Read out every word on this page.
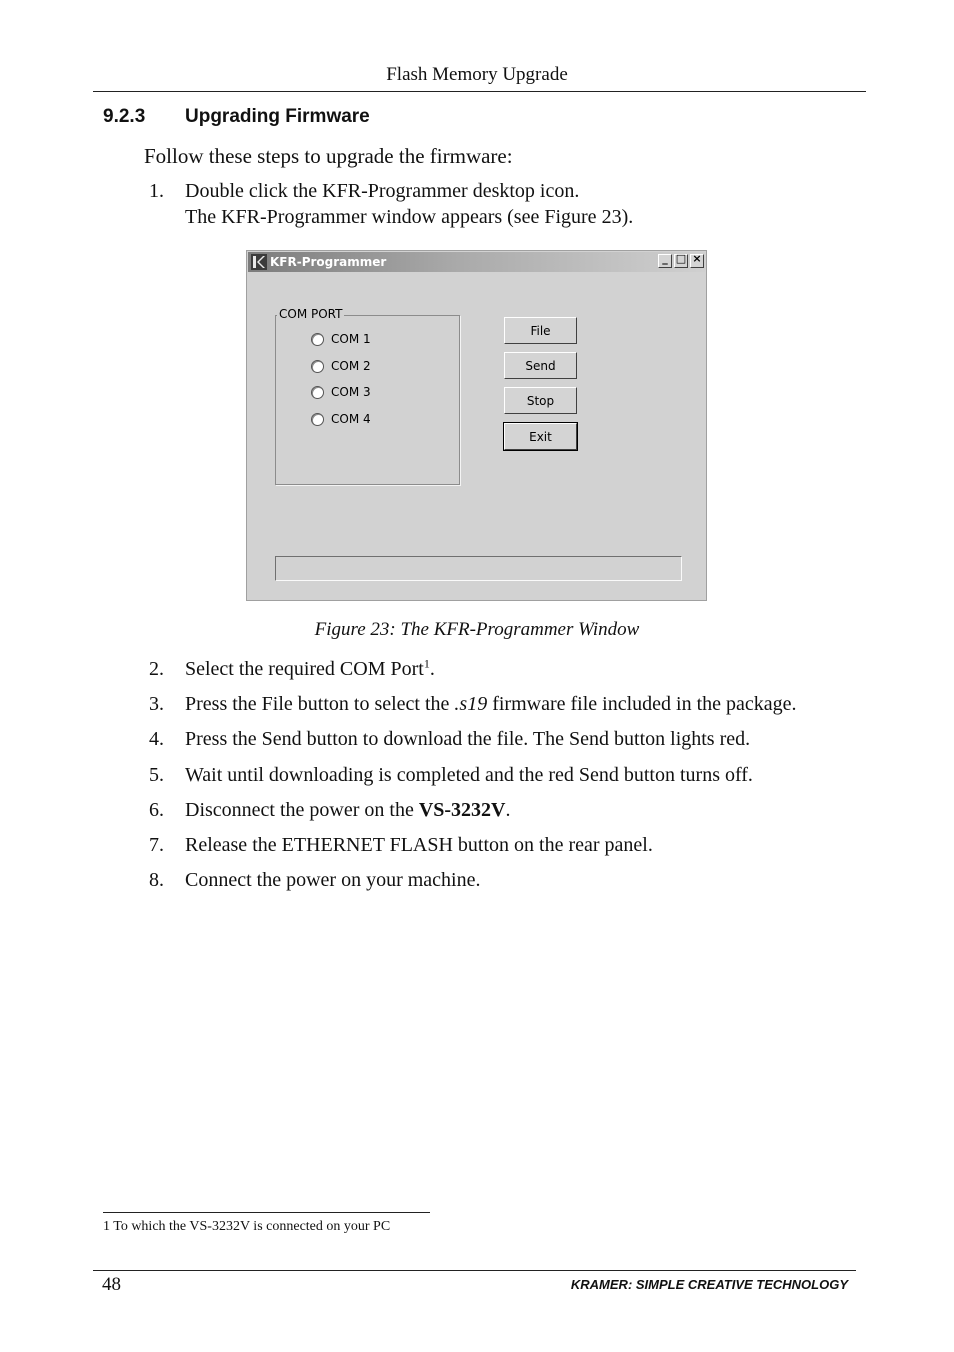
Flash Memory Upgrade
9.2.3 Upgrading Firmware
Follow these steps to upgrade the firmware:
1. Double click the KFR-Programmer desktop icon.
The KFR-Programmer window appears (see Figure 23).
KFR-Programmer	_ □ ×
COM PORT
COM 1
COM 2
COM 3
COM 4
File
Send
Stop
Exit
Figure 23: The KFR-Programmer Window
2. Select the required COM Port$^1$.
3. Press the File button to select the .s19 firmware file included in the package.
4. Press the Send button to download the file. The Send button lights red.
5. Wait until downloading is completed and the red Send button turns off.
6. Disconnect the power on the VS-3232V.
7. Release the ETHERNET FLASH button on the rear panel.
8. Connect the power on your machine.
1 To which the VS-3232V is connected on your PC
48	KRAMER: SIMPLE CREATIVE TECHNOLOGY
